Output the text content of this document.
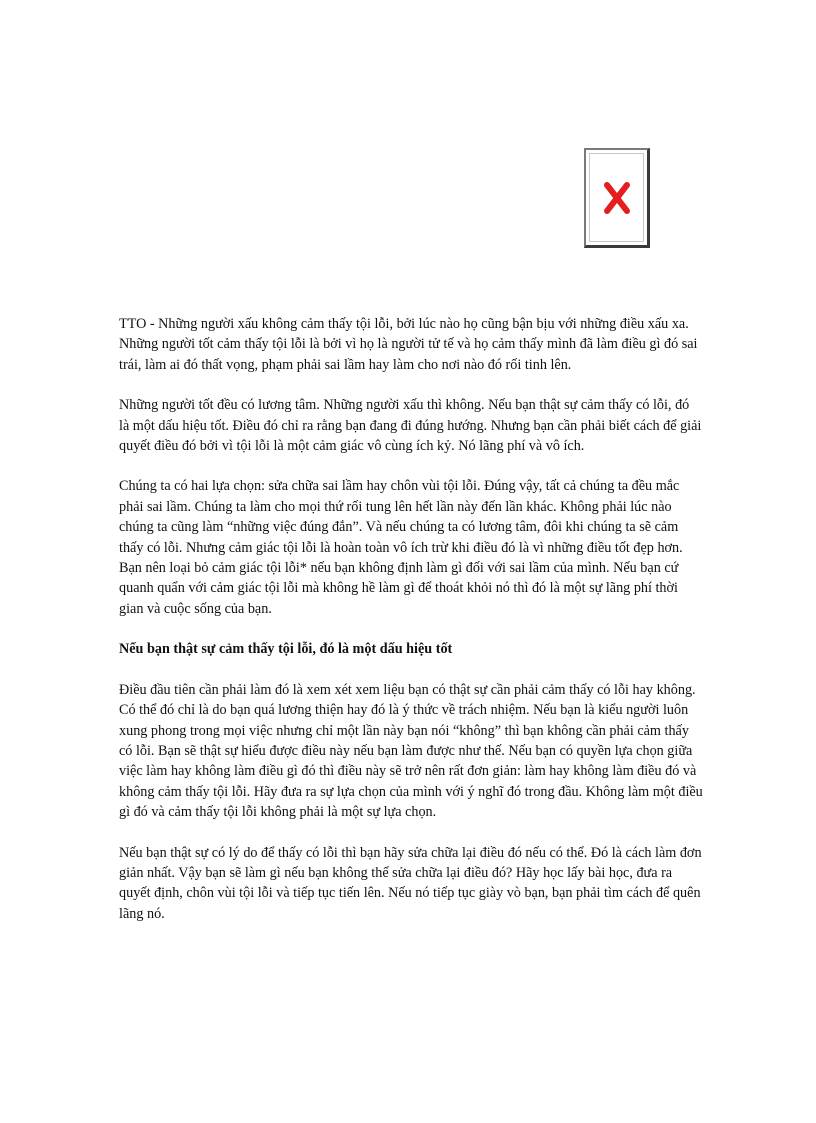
TTO - Những người xấu không cảm thấy tội lỗi, bởi lúc nào họ cũng bận bịu với những điều xấu xa. Những người tốt cảm thấy tội lỗi là bởi vì họ là người tử tế và họ cảm thấy mình đã làm điều gì đó sai trái, làm ai đó thất vọng, phạm phải sai lầm hay làm cho nơi nào đó rối tinh lên.

Những người tốt đều có lương tâm. Những người xấu thì không. Nếu bạn thật sự cảm thấy có lỗi, đó là một dấu hiệu tốt. Điều đó chỉ ra rằng bạn đang đi đúng hướng. Nhưng bạn cần phải biết cách để giải quyết điều đó bởi vì tội lỗi là một cảm giác vô cùng ích kỷ. Nó lãng phí và vô ích.

Chúng ta có hai lựa chọn: sửa chữa sai lầm hay chôn vùi tội lỗi. Đúng vậy, tất cả chúng ta đều mắc phải sai lầm. Chúng ta làm cho mọi thứ rối tung lên hết lần này đến lần khác. Không phải lúc nào chúng ta cũng làm “những việc đúng đắn”. Và nếu chúng ta có lương tâm, đôi khi chúng ta sẽ cảm thấy có lỗi. Nhưng cảm giác tội lỗi là hoàn toàn vô ích trừ khi điều đó là vì những điều tốt đẹp hơn. Bạn nên loại bỏ cảm giác tội lỗi* nếu bạn không định làm gì đối với sai lầm của mình. Nếu bạn cứ quanh quẩn với cảm giác tội lỗi mà không hề làm gì để thoát khỏi nó thì đó là một sự lãng phí thời gian và cuộc sống của bạn.

Nếu bạn thật sự cảm thấy tội lỗi, đó là một dấu hiệu tốt

Điều đầu tiên cần phải làm đó là xem xét xem liệu bạn có thật sự cần phải cảm thấy có lỗi hay không. Có thể đó chỉ là do bạn quá lương thiện hay đó là ý thức về trách nhiệm. Nếu bạn là kiểu người luôn xung phong trong mọi việc nhưng chỉ một lần này bạn nói “không” thì bạn không cần phải cảm thấy có lỗi. Bạn sẽ thật sự hiểu được điều này nếu bạn làm được như thế. Nếu bạn có quyền lựa chọn giữa việc làm hay không làm điều gì đó thì điều này sẽ trở nên rất đơn giản: làm hay không làm điều đó và không cảm thấy tội lỗi. Hãy đưa ra sự lựa chọn của mình với ý nghĩ đó trong đầu. Không làm một điều gì đó và cảm thấy tội lỗi không phải là một sự lựa chọn.

Nếu bạn thật sự có lý do để thấy có lỗi thì bạn hãy sửa chữa lại điều đó nếu có thể. Đó là cách làm đơn giản nhất. Vậy bạn sẽ làm gì nếu bạn không thể sửa chữa lại điều đó? Hãy học lấy bài học, đưa ra quyết định, chôn vùi tội lỗi và tiếp tục tiến lên. Nếu nó tiếp tục giày vò bạn, bạn phải tìm cách để quên lãng nó.
